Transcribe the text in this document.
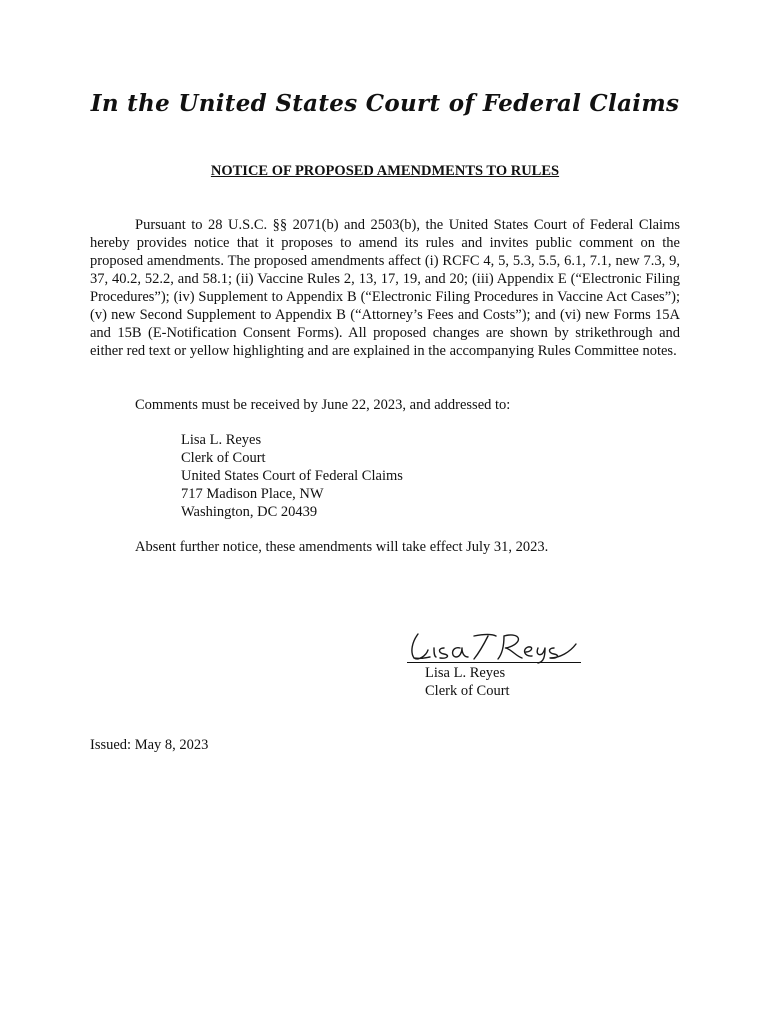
In the United States Court of Federal Claims
NOTICE OF PROPOSED AMENDMENTS TO RULES

Pursuant to 28 U.S.C. §§ 2071(b) and 2503(b), the United States Court of Federal Claims hereby provides notice that it proposes to amend its rules and invites public comment on the proposed amendments. The proposed amendments affect (i) RCFC 4, 5, 5.3, 5.5, 6.1, 7.1, new 7.3, 9, 37, 40.2, 52.2, and 58.1; (ii) Vaccine Rules 2, 13, 17, 19, and 20; (iii) Appendix E (“Electronic Filing Procedures”); (iv) Supplement to Appendix B (“Electronic Filing Procedures in Vaccine Act Cases”); (v) new Second Supplement to Appendix B (“Attorney’s Fees and Costs”); and (vi) new Forms 15A and 15B (E-Notification Consent Forms). All proposed changes are shown by strikethrough and either red text or yellow highlighting and are explained in the accompanying Rules Committee notes.

Comments must be received by June 22, 2023, and addressed to:

Lisa L. Reyes
Clerk of Court
United States Court of Federal Claims
717 Madison Place, NW
Washington, DC 20439

Absent further notice, these amendments will take effect July 31, 2023.

Lisa L. Reyes
Clerk of Court

Issued: May 8, 2023
